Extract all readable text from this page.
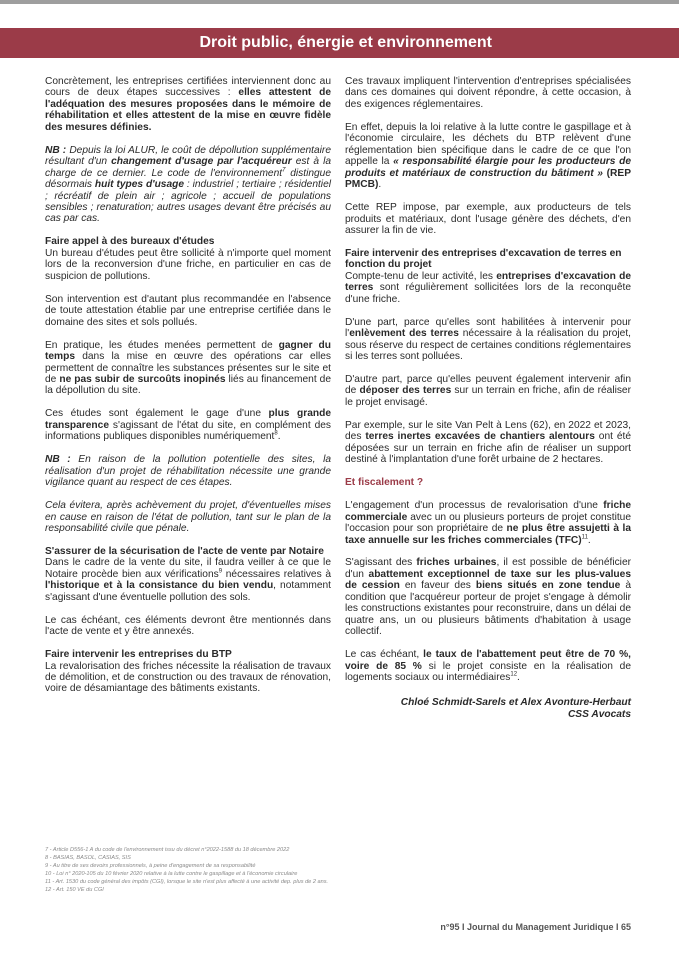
Droit public, énergie et environnement

Concrètement, les entreprises certifiées interviennent donc au cours de deux étapes successives : elles attestent de l'adéquation des mesures proposées dans le mémoire de réhabilitation et elles attestent de la mise en œuvre fidèle des mesures définies.

NB : Depuis la loi ALUR, le coût de dépollution supplémentaire résultant d'un changement d'usage par l'acquéreur est à la charge de ce dernier. Le code de l'environnement$^7$ distingue désormais huit types d'usage : industriel ; tertiaire ; résidentiel ; récréatif de plein air ; agricole ; accueil de populations sensibles ; renaturation; autres usages devant être précisés au cas par cas.

Faire appel à des bureaux d'études

Un bureau d'études peut être sollicité à n'importe quel moment lors de la reconversion d'une friche, en particulier en cas de suspicion de pollutions.

Son intervention est d'autant plus recommandée en l'absence de toute attestation établie par une entreprise certifiée dans le domaine des sites et sols pollués.

En pratique, les études menées permettent de gagner du temps dans la mise en œuvre des opérations car elles permettent de connaître les substances présentes sur le site et de ne pas subir de surcoûts inopinés liés au financement de la dépollution du site.

Ces études sont également le gage d'une plus grande transparence s'agissant de l'état du site, en complément des informations publiques disponibles numériquement$^8$.

NB : En raison de la pollution potentielle des sites, la réalisation d'un projet de réhabilitation nécessite une grande vigilance quant au respect de ces étapes.

Cela évitera, après achèvement du projet, d'éventuelles mises en cause en raison de l'état de pollution, tant sur le plan de la responsabilité civile que pénale.

S'assurer de la sécurisation de l'acte de vente par Notaire

Dans le cadre de la vente du site, il faudra veiller à ce que le Notaire procède bien aux vérifications$^9$ nécessaires relatives à l'historique et à la consistance du bien vendu, notamment s'agissant d'une éventuelle pollution des sols.

Le cas échéant, ces éléments devront être mentionnés dans l'acte de vente et y être annexés.

Faire intervenir les entreprises du BTP

La revalorisation des friches nécessite la réalisation de travaux de démolition, et de construction ou des travaux de rénovation, voire de désamiantage des bâtiments existants.

Ces travaux impliquent l'intervention d'entreprises spécialisées dans ces domaines qui doivent répondre, à cette occasion, à des exigences réglementaires.

En effet, depuis la loi relative à la lutte contre le gaspillage et à l'économie circulaire, les déchets du BTP relèvent d'une réglementation bien spécifique dans le cadre de ce que l'on appelle la « responsabilité élargie pour les producteurs de produits et matériaux de construction du bâtiment » (REP PMCB).

Cette REP impose, par exemple, aux producteurs de tels produits et matériaux, dont l'usage génère des déchets, d'en assurer la fin de vie.

Faire intervenir des entreprises d'excavation de terres en fonction du projet

Compte-tenu de leur activité, les entreprises d'excavation de terres sont régulièrement sollicitées lors de la reconquête d'une friche.

D'une part, parce qu'elles sont habilitées à intervenir pour l'enlèvement des terres nécessaire à la réalisation du projet, sous réserve du respect de certaines conditions réglementaires si les terres sont polluées.

D'autre part, parce qu'elles peuvent également intervenir afin de déposer des terres sur un terrain en friche, afin de réaliser le projet envisagé.

Par exemple, sur le site Van Pelt à Lens (62), en 2022 et 2023, des terres inertes excavées de chantiers alentours ont été déposées sur un terrain en friche afin de réaliser un support destiné à l'implantation d'une forêt urbaine de 2 hectares.

Et fiscalement ?

L'engagement d'un processus de revalorisation d'une friche commerciale avec un ou plusieurs porteurs de projet constitue l'occasion pour son propriétaire de ne plus être assujetti à la taxe annuelle sur les friches commerciales (TFC)$^{11}$.

S'agissant des friches urbaines, il est possible de bénéficier d'un abattement exceptionnel de taxe sur les plus-values de cession en faveur des biens situés en zone tendue à condition que l'acquéreur porteur de projet s'engage à démolir les constructions existantes pour reconstruire, dans un délai de quatre ans, un ou plusieurs bâtiments d'habitation à usage collectif.

Le cas échéant, le taux de l'abattement peut être de 70 %, voire de 85 % si le projet consiste en la réalisation de logements sociaux ou intermédiaires$^{12}$.

Chloé Schmidt-Sarels et Alex Avonture-Herbaut
CSS Avocats
7 - Article D556-1 A du code de l'environnement issu du décret n°2022-1588 du 18 décembre 2022
8 - BASIAS, BASOL, CASIAS, SIS
9 - Au titre de ses devoirs professionnels, à peine d'engagement de sa responsabilité
10 - Loi n° 2020-105 du 10 février 2020 relative à la lutte contre le gaspillage et à l'économie circulaire
11 - Art. 1530 du code général des impôts (CGI), lorsque le site n'est plus affecté à une activité dep. plus de 2 ans.
12 - Art. 150 VE du CGI
n°95 I Journal du Management Juridique I 65
